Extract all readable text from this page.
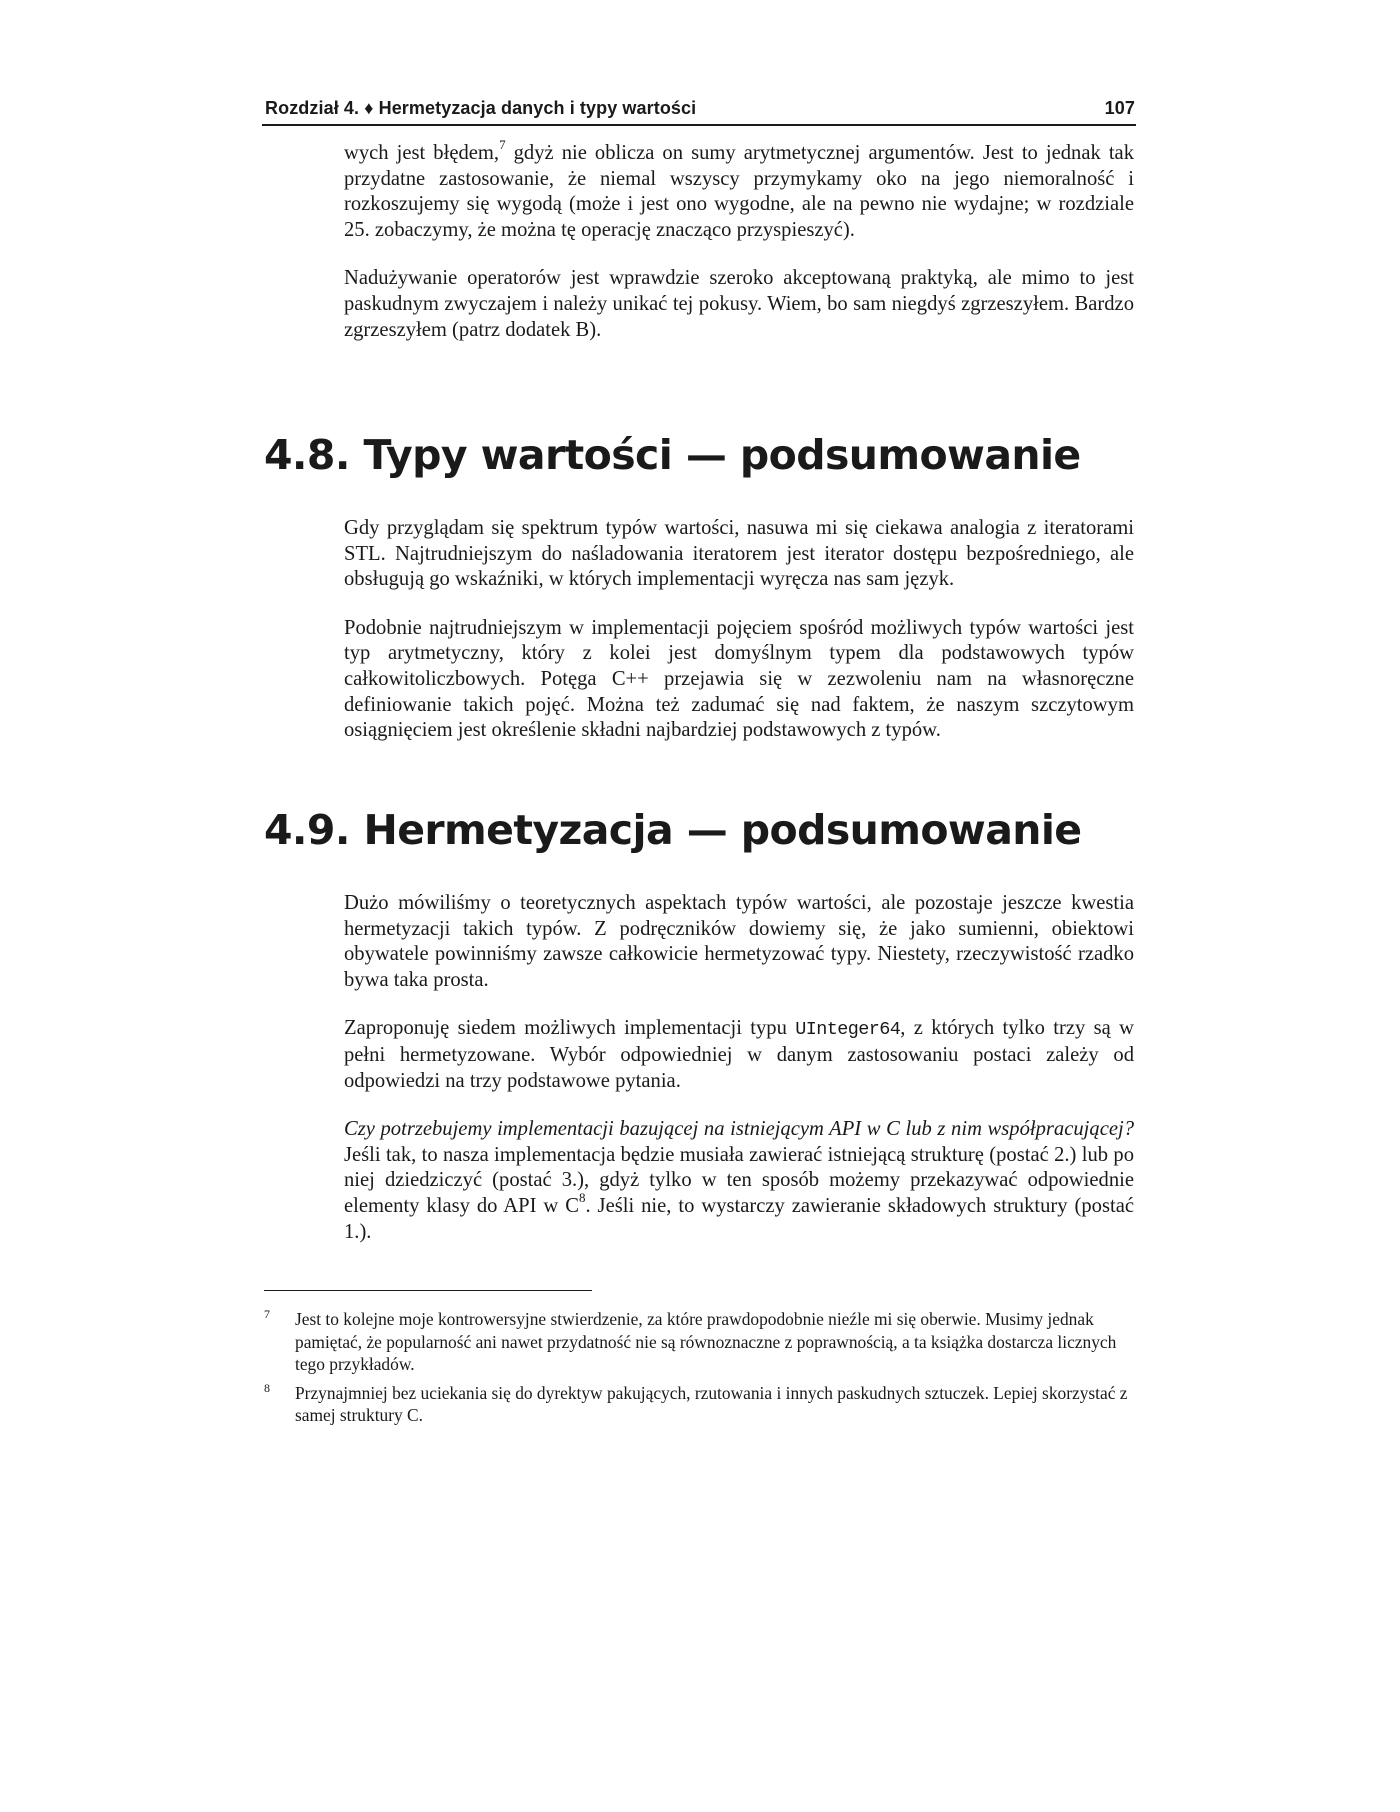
Rozdział 4. ♦ Hermetyzacja danych i typy wartości	107

wych jest błędem,$^7$ gdyż nie oblicza on sumy arytmetycznej argumentów. Jest to jednak tak przydatne zastosowanie, że niemal wszyscy przymykamy oko na jego niemoralność i rozkoszujemy się wygodą (może i jest ono wygodne, ale na pewno nie wydajne; w rozdziale 25. zobaczymy, że można tę operację znacząco przyspieszyć).

Nadużywanie operatorów jest wprawdzie szeroko akceptowaną praktyką, ale mimo to jest paskudnym zwyczajem i należy unikać tej pokusy. Wiem, bo sam niegdyś zgrzeszyłem. Bardzo zgrzeszyłem (patrz dodatek B).

4.8. Typy wartości — podsumowanie

Gdy przyglądam się spektrum typów wartości, nasuwa mi się ciekawa analogia z iteratorami STL. Najtrudniejszym do naśladowania iteratorem jest iterator dostępu bezpośredniego, ale obsługują go wskaźniki, w których implementacji wyręcza nas sam język.

Podobnie najtrudniejszym w implementacji pojęciem spośród możliwych typów wartości jest typ arytmetyczny, który z kolei jest domyślnym typem dla podstawowych typów całkowitoliczbowych. Potęga C++ przejawia się w zezwoleniu nam na własnoręczne definiowanie takich pojęć. Można też zadumać się nad faktem, że naszym szczytowym osiągnięciem jest określenie składni najbardziej podstawowych z typów.

4.9. Hermetyzacja — podsumowanie

Dużo mówiliśmy o teoretycznych aspektach typów wartości, ale pozostaje jeszcze kwestia hermetyzacji takich typów. Z podręczników dowiemy się, że jako sumienni, obiektowi obywatele powinniśmy zawsze całkowicie hermetyzować typy. Niestety, rzeczywistość rzadko bywa taka prosta.

Zaproponuję siedem możliwych implementacji typu UInteger64, z których tylko trzy są w pełni hermetyzowane. Wybór odpowiedniej w danym zastosowaniu postaci zależy od odpowiedzi na trzy podstawowe pytania.

Czy potrzebujemy implementacji bazującej na istniejącym API w C lub z nim współpracującej? Jeśli tak, to nasza implementacja będzie musiała zawierać istniejącą strukturę (postać 2.) lub po niej dziedziczyć (postać 3.), gdyż tylko w ten sposób możemy przekazywać odpowiednie elementy klasy do API w $C^8$. Jeśli nie, to wystarczy zawieranie składowych struktury (postać 1.).

7	Jest to kolejne moje kontrowersyjne stwierdzenie, za które prawdopodobnie nieźle mi się oberwie. Musimy jednak pamiętać, że popularność ani nawet przydatność nie są równoznaczne z poprawnością, a ta książka dostarcza licznych tego przykładów.

8	Przynajmniej bez uciekania się do dyrektyw pakujących, rzutowania i innych paskudnych sztuczek. Lepiej skorzystać z samej struktury C.
